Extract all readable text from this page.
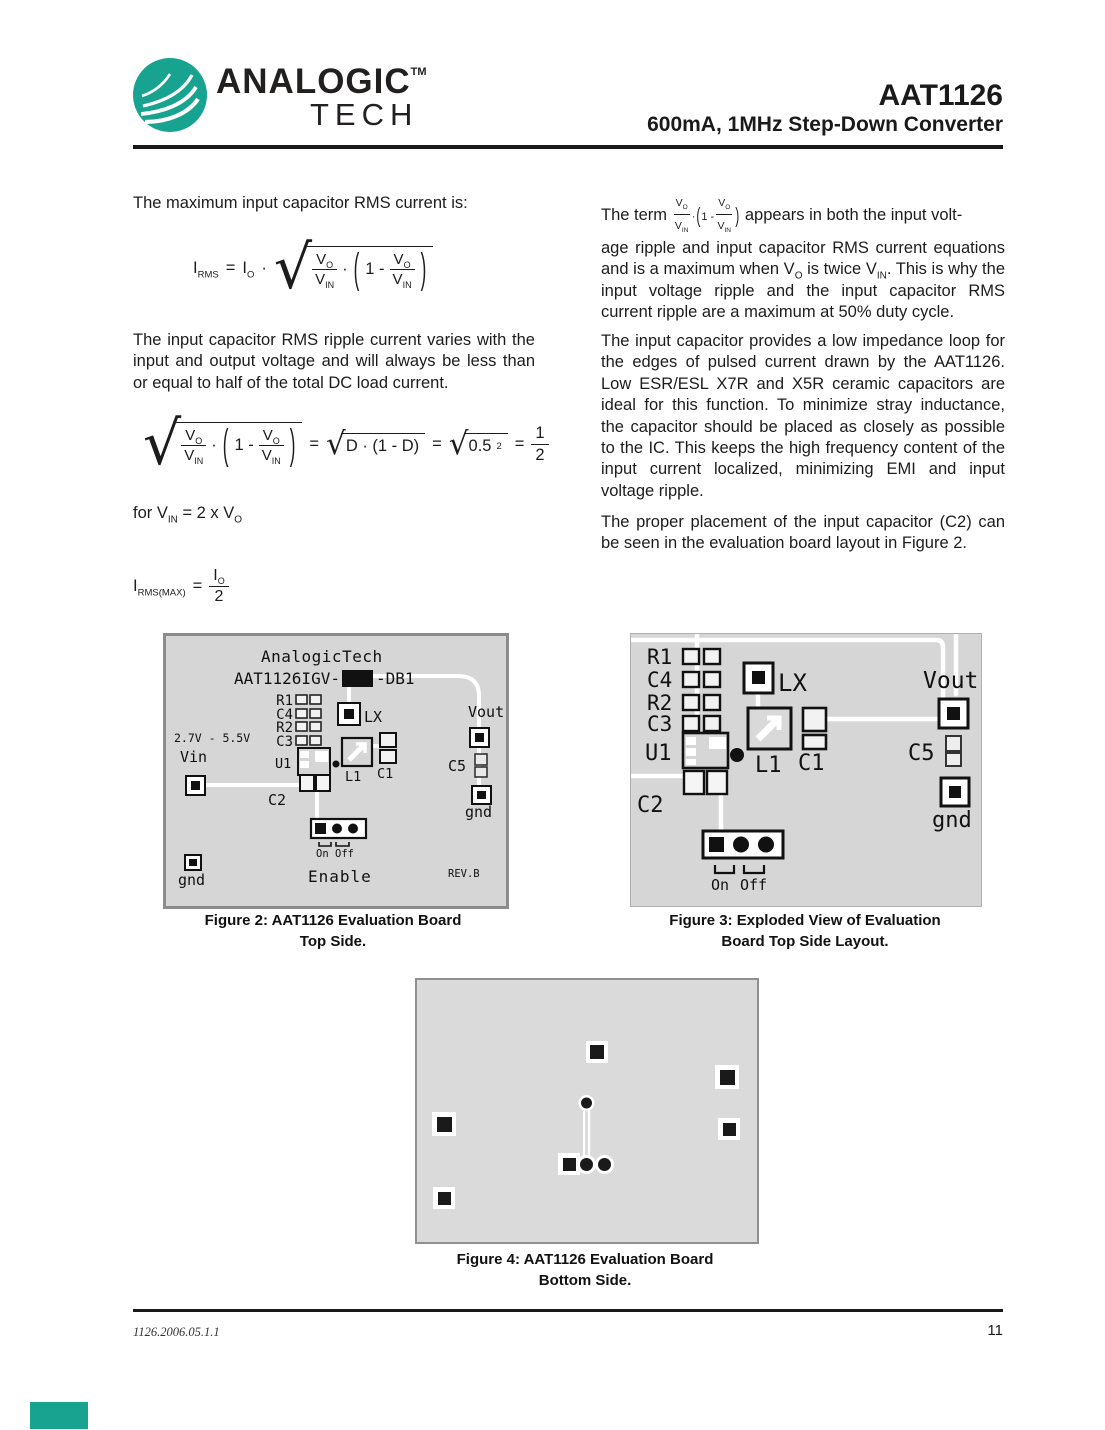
ANALOGIC™
TECH
AAT1126
600mA, 1MHz Step-Down Converter

The maximum input capacitor RMS current is:

$I_{RMS} = I_O$ · √ $\frac{V_O}{V_{IN}}$ · ( $1 - \frac{V_O}{V_{IN}}$ )

The input capacitor RMS ripple current varies with the input and output voltage and will always be less than or equal to half of the total DC load current.

√ $\frac{V_O}{V_{IN}}$ · ( $1 - \frac{V_O}{V_{IN}}$ ) = √ D · (1 - D) = √ 0.5 $2 = \frac{1}{2}$
for $V_{IN} = 2$ x $V_O$
$I_{RMS(MAX)} = \frac{I_O}{2}$

The term $\frac{V_O}{V_{IN}} \cdot(1 - \frac{V_O}{V_{IN}}$ ) appears in both the input volt-
age ripple and input capacitor RMS current equations and is a maximum when $V_O$ is twice $V_{IN}$. This is why the input voltage ripple and the input capacitor RMS current ripple are a maximum at 50% duty cycle.

The input capacitor provides a low impedance loop for the edges of pulsed current drawn by the AAT1126. Low ESR/ESL X7R and X5R ceramic capacitors are ideal for this function. To minimize stray inductance, the capacitor should be placed as closely as possible to the IC. This keeps the high frequency content of the input current localized, minimizing EMI and input voltage ripple.

The proper placement of the input capacitor (C2) can be seen in the evaluation board layout in Figure 2.

AnalogicTech
AAT1126IGV- -DB1
R1
C4
R2
C3
LX	Vout
2.7V - 5.5V
Vin	U1
L1 C1	C5
C2
gnd
On Off
Enable
gnd	REV.B
Figure 2: AAT1126 Evaluation Board
Top Side.
R1
C4
R2
C3
LX	Vout
L1 C1
U1
C2
C5
gnd
On Off
Figure 3: Exploded View of Evaluation
Board Top Side Layout.
Figure 4: AAT1126 Evaluation Board
Bottom Side.
1126.2006.05.1.1	11
